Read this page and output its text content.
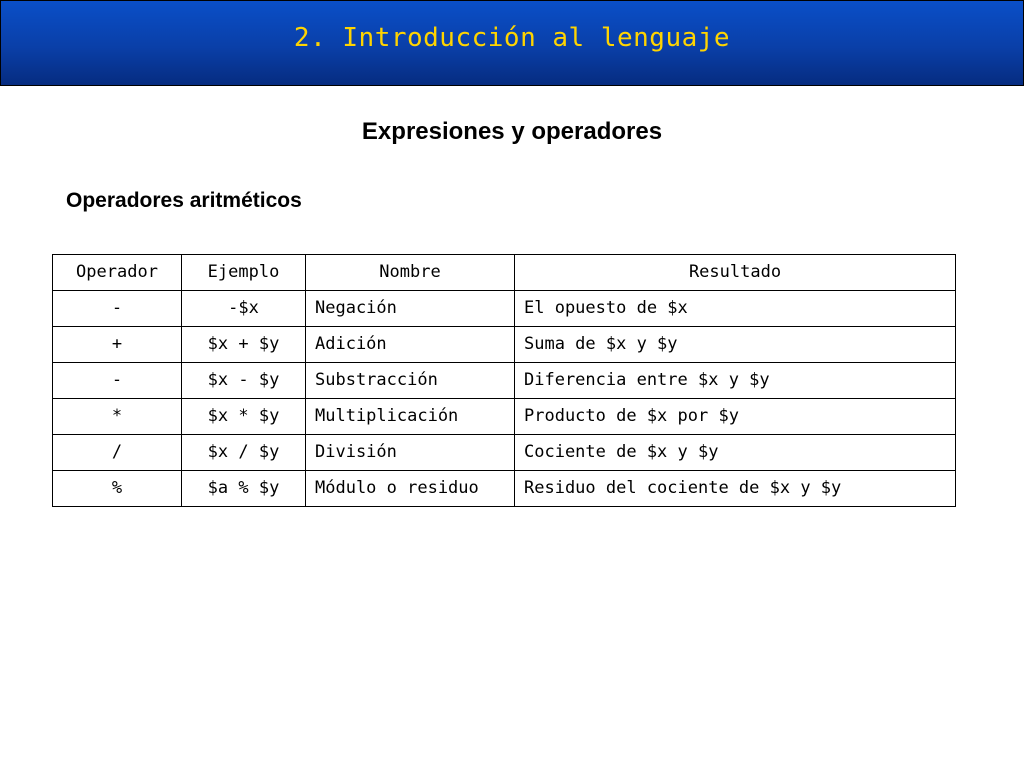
2. Introducción al lenguaje
Expresiones y operadores
Operadores aritméticos
Operador	Ejemplo	Nombre	Resultado
-	-$x	Negación	El opuesto de $x
+	$x + $y	Adición	Suma de $x y $y
-	$x - $y	Substracción	Diferencia entre $x y $y
*	$x * $y	Multiplicación	Producto de $x por $y
/	$x / $y	División	Cociente de $x y $y
%	$a % $y	Módulo o residuo	Residuo del cociente de $x y $y
